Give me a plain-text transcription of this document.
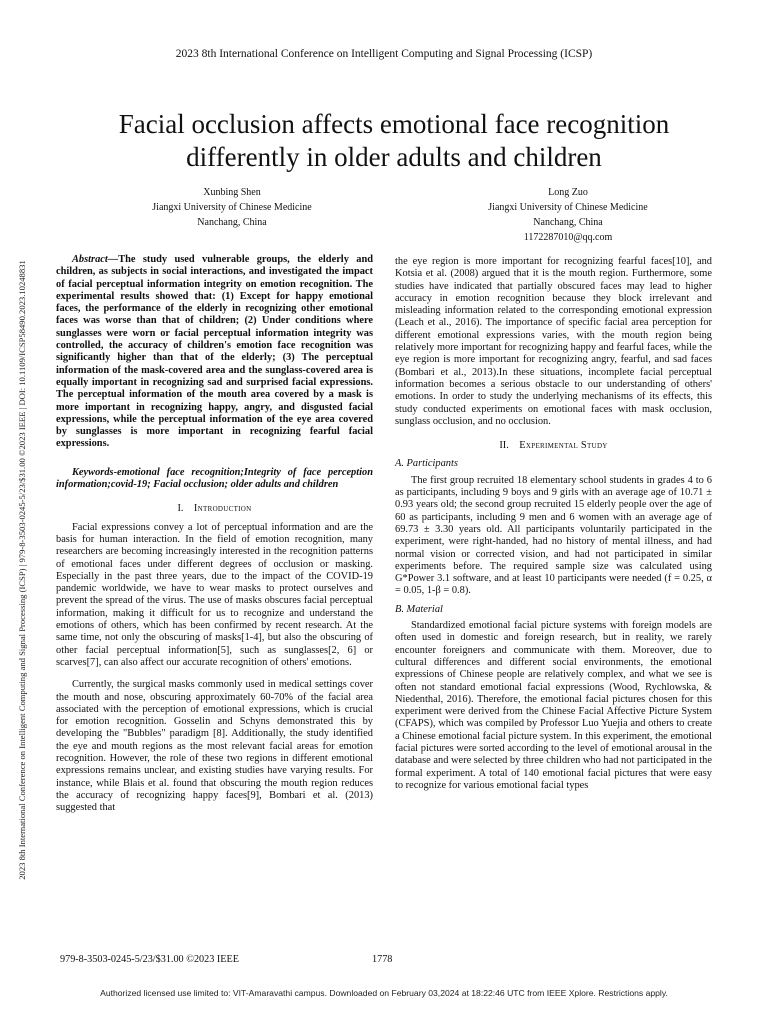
2023 8th International Conference on Intelligent Computing and Signal Processing (ICSP)
2023 8th International Conference on Intelligent Computing and Signal Processing (ICSP) | 979-8-3503-0245-5/23/$31.00 ©2023 IEEE | DOI: 10.1109/ICSP58490.2023.10248831
Facial occlusion affects emotional face recognition differently in older adults and children
Xunbing Shen
Jiangxi University of Chinese Medicine
Nanchang, China
Long Zuo
Jiangxi University of Chinese Medicine
Nanchang, China
1172287010@qq.com

Abstract—The study used vulnerable groups, the elderly and children, as subjects in social interactions, and investigated the impact of facial perceptual information integrity on emotion recognition. The experimental results showed that: (1) Except for happy emotional faces, the performance of the elderly in recognizing other emotional faces was worse than that of children; (2) Under conditions where sunglasses were worn or facial perceptual information integrity was controlled, the accuracy of children's emotion face recognition was significantly higher than that of the elderly; (3) The perceptual information of the mask-covered area and the sunglass-covered area is equally important in recognizing sad and surprised facial expressions. The perceptual information of the mouth area covered by a mask is more important in recognizing happy, angry, and disgusted facial expressions, while the perceptual information of the eye area covered by sunglasses is more important in recognizing fearful facial expressions.

Keywords-emotional face recognition;Integrity of face perception information;covid-19; Facial occlusion; older adults and children

I. Introduction

Facial expressions convey a lot of perceptual information and are the basis for human interaction. In the field of emotion recognition, many researchers are becoming increasingly interested in the recognition patterns of emotional faces under different degrees of occlusion or masking. Especially in the past three years, due to the impact of the COVID-19 pandemic worldwide, we have to wear masks to protect ourselves and prevent the spread of the virus. The use of masks obscures facial perceptual information, making it difficult for us to recognize and understand the emotions of others, which has been confirmed by recent research. At the same time, not only the obscuring of masks[1-4], but also the obscuring of other facial perceptual information[5], such as sunglasses[2, 6] or scarves[7], can also affect our accurate recognition of others' emotions.

Currently, the surgical masks commonly used in medical settings cover the mouth and nose, obscuring approximately 60-70% of the facial area associated with the perception of emotional expressions, which is crucial for emotion recognition. Gosselin and Schyns demonstrated this by developing the "Bubbles" paradigm [8]. Additionally, the study identified the eye and mouth regions as the most relevant facial areas for emotion recognition. However, the role of these two regions in different emotional expressions remains unclear, and existing studies have varying results. For instance, while Blais et al. found that obscuring the mouth region reduces the accuracy of recognizing happy faces[9], Bombari et al. (2013) suggested that

the eye region is more important for recognizing fearful faces[10], and Kotsia et al. (2008) argued that it is the mouth region. Furthermore, some studies have indicated that partially obscured faces may lead to higher accuracy in emotion recognition because they block irrelevant and misleading information related to the corresponding emotional expression (Leach et al., 2016). The importance of specific facial area perception for different emotional expressions varies, with the mouth region being relatively more important for recognizing happy and fearful faces, while the eye region is more important for recognizing angry, fearful, and sad faces (Bombari et al., 2013).In these situations, incomplete facial perceptual information becomes a serious obstacle to our understanding of others' emotions. In order to study the underlying mechanisms of its effects, this study conducted experiments on emotional faces with mask occlusion, sunglass occlusion, and no occlusion.

II. Experimental Study

A. Participants

The first group recruited 18 elementary school students in grades 4 to 6 as participants, including 9 boys and 9 girls with an average age of 10.71 ± 0.93 years old; the second group recruited 15 elderly people over the age of 60 as participants, including 9 men and 6 women with an average age of 69.73 ± 3.30 years old. All participants voluntarily participated in the experiment, were right-handed, had no history of mental illness, and had normal vision or corrected vision, and had not participated in similar experiments before. The required sample size was calculated using G*Power 3.1 software, and at least 10 participants were needed (f = 0.25, α = 0.05, 1-β = 0.8).

B. Material

Standardized emotional facial picture systems with foreign models are often used in domestic and foreign research, but in reality, we rarely encounter foreigners and communicate with them. Moreover, due to cultural differences and different social environments, the emotional expressions of Chinese people are relatively complex, and what we see is often not standard emotional facial expressions (Wood, Rychlowska, & Niedenthal, 2016). Therefore, the emotional facial pictures chosen for this experiment were derived from the Chinese Facial Affective Picture System (CFAPS), which was compiled by Professor Luo Yuejia and others to create a Chinese emotional facial picture system. In this experiment, the emotional facial pictures were sorted according to the level of emotional arousal in the database and were selected by three children who had not participated in the formal experiment. A total of 140 emotional facial pictures that were easy to recognize for various emotional facial types

979-8-3503-0245-5/23/$31.00 ©2023 IEEE	1778
Authorized licensed use limited to: VIT-Amaravathi campus. Downloaded on February 03,2024 at 18:22:46 UTC from IEEE Xplore. Restrictions apply.
